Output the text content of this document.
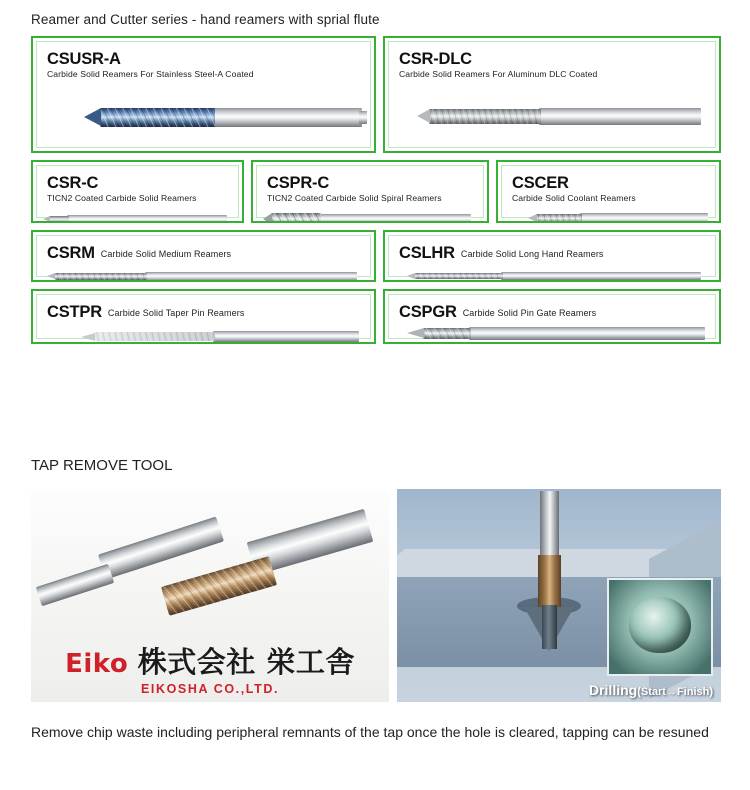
Reamer and Cutter series - hand reamers with sprial flute
CSUSR-A
Carbide Solid Reamers For Stainless Steel-A Coated
CSR-DLC
Carbide Solid Reamers For Aluminum DLC Coated
CSR-C
TICN2 Coated Carbide Solid Reamers
CSPR-C
TICN2 Coated Carbide Solid Spiral Reamers
CSCER
Carbide Solid Coolant Reamers
CSRM Carbide Solid Medium Reamers	CSLHR Carbide Solid Long Hand Reamers
CSTPR Carbide Solid Taper Pin Reamers	CSPGR Carbide Solid Pin Gate Reamers
TAP REMOVE TOOL
Eiko 株式会社 栄工舎
EIKOSHA CO.,LTD.	Drilling(Start→Finish)
Remove chip waste including peripheral remnants of the tap once the hole is cleared, tapping can be resuned
